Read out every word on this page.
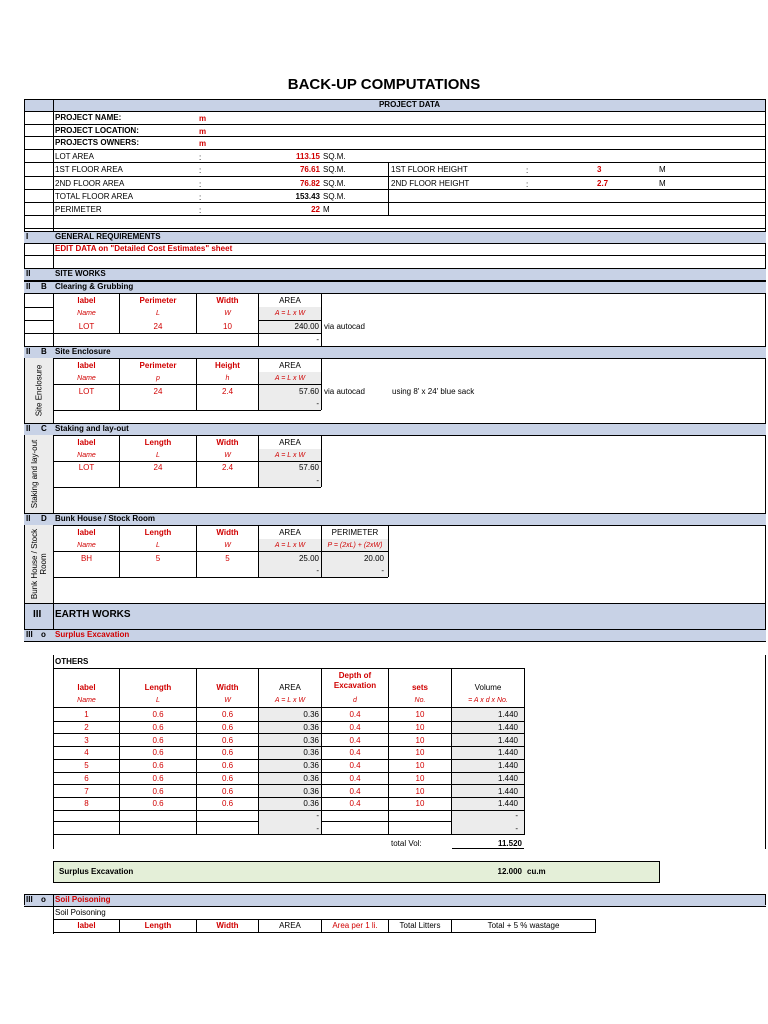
BACK-UP COMPUTATIONS
PROJECT DATA
PROJECT NAME:	m
PROJECT LOCATION:	m
PROJECTS OWNERS:	m
LOT AREA	:	113.15 SQ.M.
1ST FLOOR AREA	:	76.61 SQ.M.	1ST FLOOR HEIGHT	:	3	M
2ND FLOOR AREA	:	76.82 SQ.M.	2ND FLOOR HEIGHT	:	2.7	M
TOTAL FLOOR AREA	:	153.43 SQ.M.
PERIMETER	:	22 M
I	GENERAL REQUIREMENTS
EDIT DATA on "Detailed Cost Estimates" sheet
II	SITE WORKS
II B Clearing & Grubbing
label	Perimeter	Width	AREA
Name	L	W	A = L x W
LOT	24	10	240.00 via autocad
-
II B Site Enclosure
Site Enclosure	label	Perimeter	Height	AREA
Name	p	h	A = L x W
LOT	24	2.4	57.60 via autocad	using 8' x 24' blue sack
-
II C Staking and lay-out
Staking and lay-out	label	Length	Width	AREA
Name	L	W	A = L x W
LOT	24	2.4	57.60
-
II D Bunk House / Stock Room
Bunk House / Stock Room
label	Length	Width	AREA	PERIMETER
Name	L	W	A = L x W	P = (2xL) + (2xW)
BH	5	5	25.00	20.00
-	-
III EARTH WORKS
III o Surplus Excavation
OTHERS
label	Length	Width	AREA
Depth of Excavation	sets	Volume
Name	L	W	A = L x W	d	No.	= A x d x No.
1	0.6	0.6	0.36	0.4	10	1.440
2	0.6	0.6	0.36	0.4	10	1.440
3	0.6	0.6	0.36	0.4	10	1.440
4	0.6	0.6	0.36	0.4	10	1.440
5	0.6	0.6	0.36	0.4	10	1.440
6	0.6	0.6	0.36	0.4	10	1.440
7	0.6	0.6	0.36	0.4	10	1.440
8	0.6	0.6	0.36	0.4	10	1.440
-	-
-	-
total Vol:	11.520
Surplus Excavation	12.000 cu.m
III o Soil Poisoning
Soil Poisoning
label	Length	Width	AREA	Area per 1 li.	Total Litters	Total + 5 % wastage
